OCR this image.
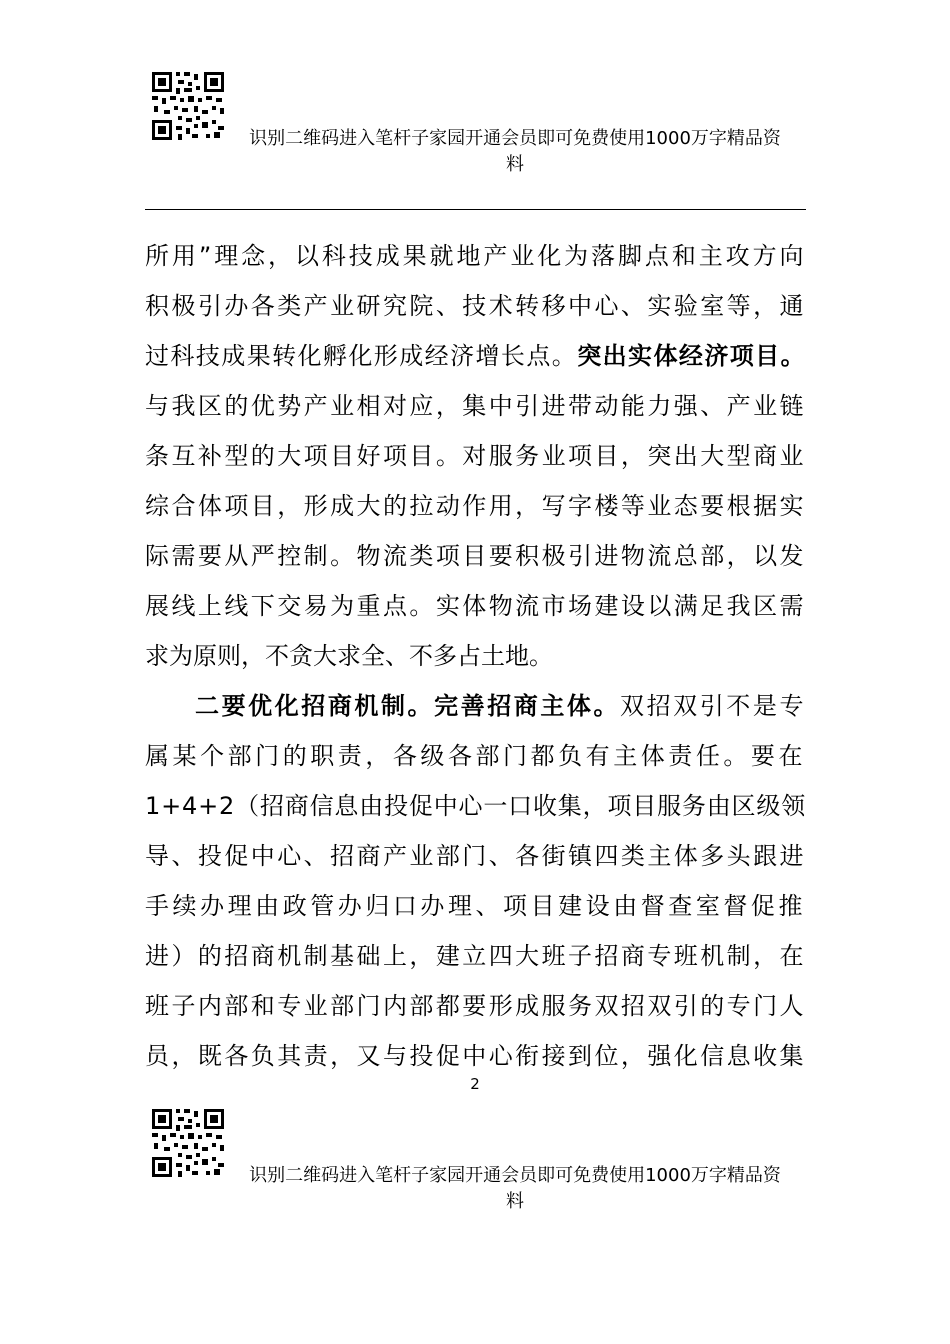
识别二维码进入笔杆子家园开通会员即可免费使用1000万字精品资
料
所用”理念，以科技成果就地产业化为落脚点和主攻方向
积极引办各类产业研究院、技术转移中心、实验室等，通
过科技成果转化孵化形成经济增长点。突出实体经济项目。
与我区的优势产业相对应，集中引进带动能力强、产业链
条互补型的大项目好项目。对服务业项目，突出大型商业
综合体项目，形成大的拉动作用，写字楼等业态要根据实
际需要从严控制。物流类项目要积极引进物流总部，以发
展线上线下交易为重点。实体物流市场建设以满足我区需
求为原则，不贪大求全、不多占土地。
二要优化招商机制。完善招商主体。双招双引不是专
属某个部门的职责，各级各部门都负有主体责任。要在
1+4+2（招商信息由投促中心一口收集，项目服务由区级领
导、投促中心、招商产业部门、各街镇四类主体多头跟进
手续办理由政管办归口办理、项目建设由督查室督促推
进）的招商机制基础上，建立四大班子招商专班机制，在
班子内部和专业部门内部都要形成服务双招双引的专门人
员，既各负其责，又与投促中心衔接到位，强化信息收集
2
识别二维码进入笔杆子家园开通会员即可免费使用1000万字精品资
料
